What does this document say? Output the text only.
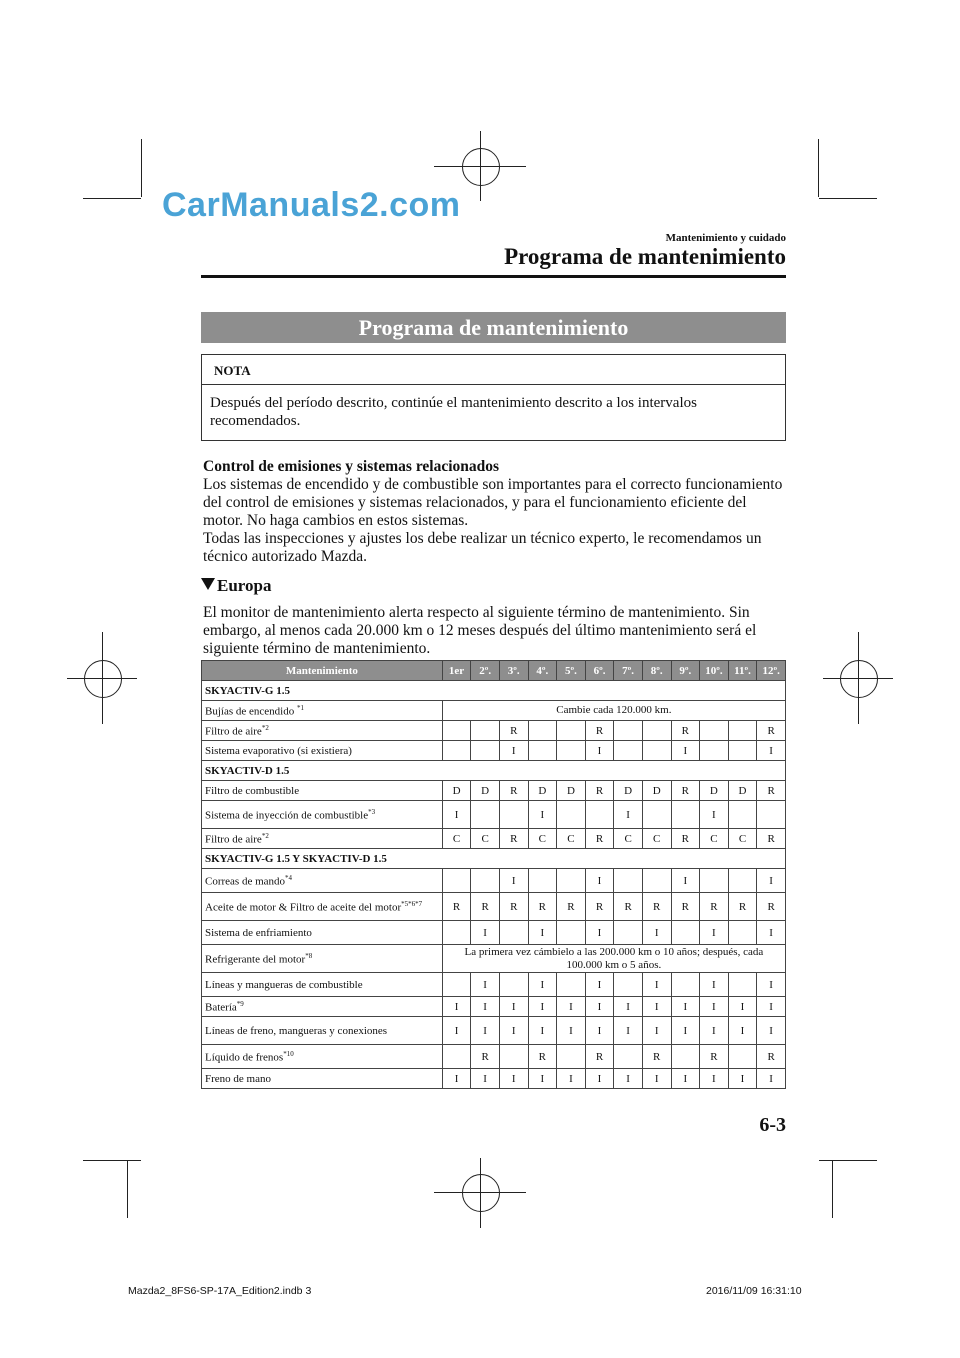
CarManuals2.com
Mantenimiento y cuidado
Programa de mantenimiento
Programa de mantenimiento
NOTA
Después del período descrito, continúe el mantenimiento descrito a los intervalos recomendados.
Control de emisiones y sistemas relacionados
Los sistemas de encendido y de combustible son importantes para el correcto funcionamiento del control de emisiones y sistemas relacionados, y para el funcionamiento eficiente del motor. No haga cambios en estos sistemas.
Todas las inspecciones y ajustes los debe realizar un técnico experto, le recomendamos un técnico autorizado Mazda.
Europa
El monitor de mantenimiento alerta respecto al siguiente término de mantenimiento. Sin embargo, al menos cada 20.000 km o 12 meses después del último mantenimiento será el siguiente término de mantenimiento.
Mantenimiento	1er	2º.	3º.	4º.	5º.	6º.	7º.	8º.	9º.	10º.	11º.	12º.
SKYACTIV-G 1.5												
Bujías de encendido $^{*1}$	Cambie cada 120.000 km.											
Filtro de aire$^{*2}$			R			R			R			R
Sistema evaporativo (si existiera)			I			I			I			I
SKYACTIV-D 1.5												
Filtro de combustible	D	D	R	D	D	R	D	D	R	D	D	R
Sistema de inyección de combustible$^{*3}$	I			I			I			I		
Filtro de aire$^{*2}$	C	C	R	C	C	R	C	C	R	C	C	R
SKYACTIV-G 1.5 Y SKYACTIV-D 1.5												
Correas de mando$^{*4}$			I			I			I			I
Aceite de motor & Filtro de aceite del motor$^{*5*6*7}$	R	R	R	R	R	R	R	R	R	R	R	R
Sistema de enfriamiento		I		I		I		I		I		I
Refrigerante del motor$^{*8}$	La primera vez cámbielo a las 200.000 km o 10 años; después, cada 100.000 km o 5 años.											
Líneas y mangueras de combustible		I		I		I		I		I		I
Batería$^{*9}$	I	I	I	I	I	I	I	I	I	I	I	I
Líneas de freno, mangueras y conexiones	I	I	I	I	I	I	I	I	I	I	I	I
Líquido de frenos$^{*10}$		R		R		R		R		R		R
Freno de mano	I	I	I	I	I	I	I	I	I	I	I	I
6-3
Mazda2_8FS6-SP-17A_Edition2.indb 3	2016/11/09 16:31:10
